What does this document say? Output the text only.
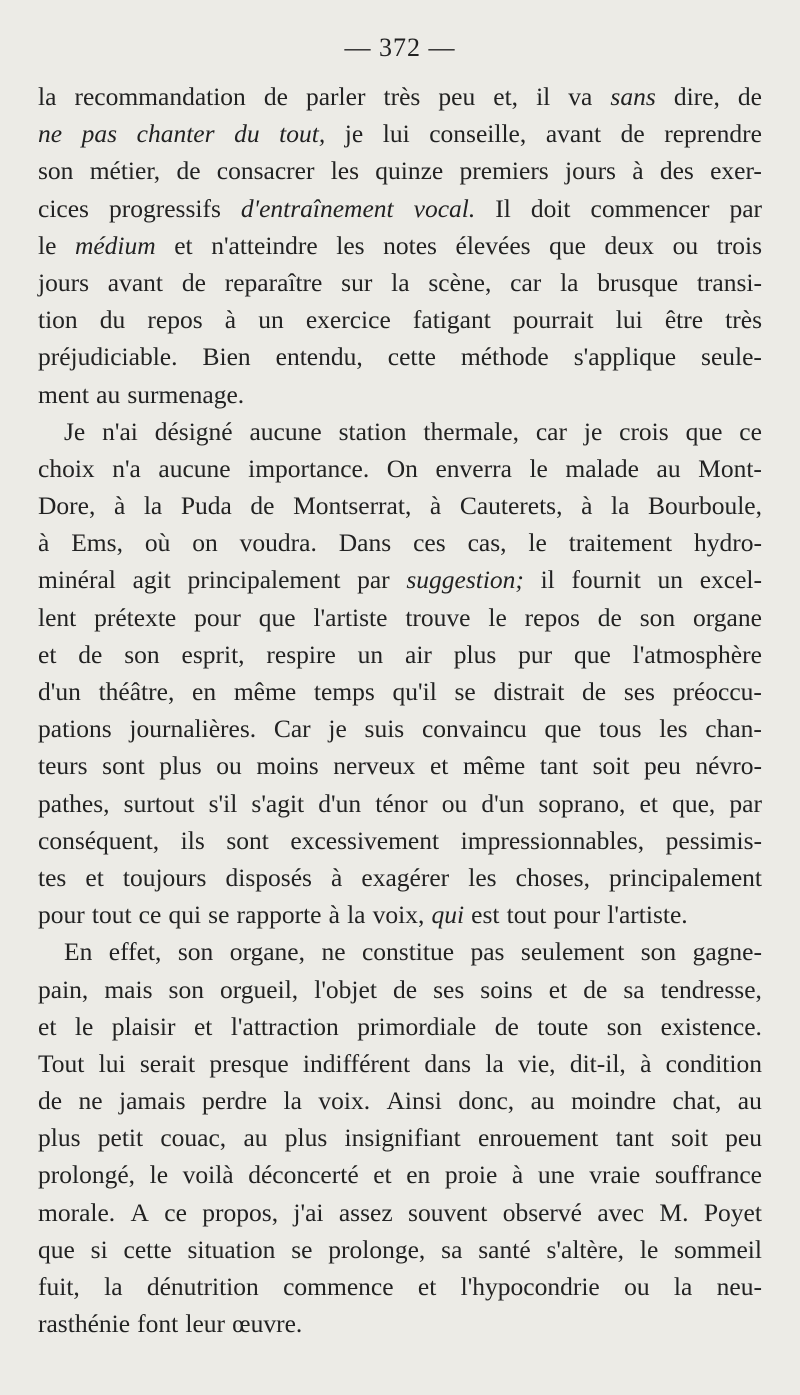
— 372 —
la recommandation de parler très peu et, il va sans dire, de
ne pas chanter du tout, je lui conseille, avant de reprendre
son métier, de consacrer les quinze premiers jours à des exer-
cices progressifs d'entraînement vocal. Il doit commencer par
le médium et n'atteindre les notes élevées que deux ou trois
jours avant de reparaître sur la scène, car la brusque transi-
tion du repos à un exercice fatigant pourrait lui être très
préjudiciable. Bien entendu, cette méthode s'applique seule-
ment au surmenage.
Je n'ai désigné aucune station thermale, car je crois que ce
choix n'a aucune importance. On enverra le malade au Mont-
Dore, à la Puda de Montserrat, à Cauterets, à la Bourboule,
à Ems, où on voudra. Dans ces cas, le traitement hydro-
minéral agit principalement par suggestion; il fournit un excel-
lent prétexte pour que l'artiste trouve le repos de son organe
et de son esprit, respire un air plus pur que l'atmosphère
d'un théâtre, en même temps qu'il se distrait de ses préoccu-
pations journalières. Car je suis convaincu que tous les chan-
teurs sont plus ou moins nerveux et même tant soit peu névro-
pathes, surtout s'il s'agit d'un ténor ou d'un soprano, et que, par
conséquent, ils sont excessivement impressionnables, pessimis-
tes et toujours disposés à exagérer les choses, principalement
pour tout ce qui se rapporte à la voix, qui est tout pour l'artiste.
En effet, son organe, ne constitue pas seulement son gagne-
pain, mais son orgueil, l'objet de ses soins et de sa tendresse,
et le plaisir et l'attraction primordiale de toute son existence.
Tout lui serait presque indifférent dans la vie, dit-il, à condition
de ne jamais perdre la voix. Ainsi donc, au moindre chat, au
plus petit couac, au plus insignifiant enrouement tant soit peu
prolongé, le voilà déconcerté et en proie à une vraie souffrance
morale. A ce propos, j'ai assez souvent observé avec M. Poyet
que si cette situation se prolonge, sa santé s'altère, le sommeil
fuit, la dénutrition commence et l'hypocondrie ou la neu-
rasthénie font leur œuvre.
